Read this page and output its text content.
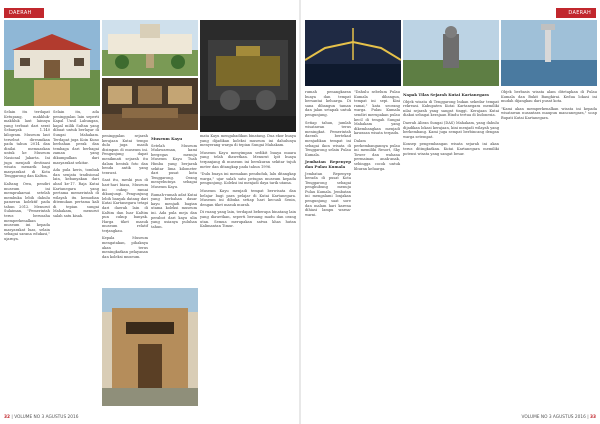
DAERAH

Selain itu terdapat Ketupang, makhluk-makhluk laut lainnya yang terbuat dari serat Sebanyak 1.140 kilogram. Museum laut tersebut diresmikan pada tahun 2014 dan dinilai memuaskan untuk ke Museum Nasional Jakarta. Ini juga menjadi destinasi wisata menarik bagi masyarakat di Kota Tenggarong dan Kaltim.

Kaltang Owa, pendiri museum ini memprakarsai setelah membuka lebih dahulu pameran kolektif pada tahun 2012. Menurut Sulaiman, "Pemerintah terus berusaha memperkenalkan museum ini kepada masyarakat luas, selain sebagai sarana edukasi," ujarnya.

Selain itu, ada peninggalan lain seperti Kapal Unsil Labungan, kapal milik Sultan yang dibuat untuk berlayar di Sungai Mahakam. Terdapat juga Koin Kuno berbahan perak dan tembaga dari berbagai zaman yang dikumpulkan dari masyarakat sekitar.

Ada pula keris, tombak dan senjata tradisional lain, kebanyakan dari abad ke-17. Raja Kutai Kartanegara yang pertama memerintah di wilayah itu kemudian ditemukan pertama kali di tepian sungai Mahakam, menurut salah satu kisah.

peninggalan sejarah kerajaan Kutai tempo dulu juga masih disimpan di museum ini. Pengunjung dapat menikmati sejarah itu dalam bentuk foto dan benda antik yang terawat.

Saat itu, meski pun di hari-hari biasa, Museum ini cukup ramai dikunjungi. Pengunjung lebih banyak datang dari Kutai Kartanegara tetapi dari daerah lain di Kaltim dan luar Kaltim pun cukup banyak. Harga tiket masuk museum relatif terjangkau.

Kepala Museum mengatakan, pihaknya akan terus meningkatkan pelayanan dan koleksi museum.

Museum Kayu

Setelah Museum Mulawarman, kami bergegas menuju Museum Kayu Tuah Himba yang berjarak sekitar lima kilometer dari pusat kota Tenggarong. Orang menyebutnya sebagai Museum Kayu.

Rumah-rumah adat Kutai yang berbahan dasar kayu menjadi bagian utama koleksi museum ini. Ada pula meja dan perabot dari kayu ulin yang usianya puluhan tahun.

mata Kayu mengabadikan binatang. Dua ekor buaya yang dijadikan koleksi museum ini dahulunya menyerang warga di tepian Sungai Mahakam.

Museum Kayu menyimpan sedikit buaya muara yang telah diawetkan. Menurut Ipit buaya terpanjang di museum ini berukuran sekitar tujuh meter dan ditangkap pada tahun 1996.

"Dulu buaya ini memakan penduduk, lalu ditangkap warga," ujar salah satu petugas museum kepada pengunjung. Koleksi ini menjadi daya tarik utama.

Museum Kayu menjadi tempat berwisata dan belajar bagi para pelajar di Kutai Kartanegara. Museum ini dibuka setiap hari kecuali Senin, dengan tiket masuk murah.

Di ruang yang lain, terdapat beberapa binatang lain yang diawetkan, seperti beruang madu dan orang utan. Semua merupakan satwa khas hutan Kalimantan Timur.

32 | VOLUME NO 3 AGUSTUS 2016
DAERAH

rumah penangkaran buaya dan tempat bersantai keluarga. Di sana dibangun taman dan jalan setapak untuk pengunjung.

Setiap tahun, jumlah wisatawan terus meningkat. Pemerintah daerah bertekad menjadikan tempat ini sebagai ikon wisata di Tenggarong selain Pulau Kumala.

Jembatan Repenyep dan Pulau Kumala

Jembatan Repenyep berada di pusat Kota Tenggarong sebagai penghubung menuju Pulau Kumala. Jembatan ini mengalami lonjakan pengunjung saat sore dan malam hari karena dihiasi lampu warna-warni.

"Dahulu sebelum Pulau Kumala dibangun, tempat ini sepi. Kini ramai," kata seorang warga. Pulau Kumala sendiri merupakan pulau kecil di tengah Sungai Mahakam yang dikembangkan menjadi kawasan wisata terpadu.

Dalam perkembangannya pulau ini memiliki Resort, Sky Tower dan wahana permainan anak-anak, sehingga cocok untuk liburan keluarga.

Napak Tilas Sejarah Kutai Kartanegara

Objek wisata di Tenggarong bukan sekedar tempat rekreasi. Kabupaten Kutai Kartanegara memiliki nilai sejarah yang sangat tinggi. Kerajaan Kutai diakui sebagai kerajaan Hindu tertua di Indonesia.

Daerah Aliran Sungai (DAS) Mahakam, yang dahulu dijadikan lokasi kerajaan, kini menjadi wilayah yang berkembang. Kami juga sempat berbincang dengan warga setempat.

Konsep pengembangan wisata sejarah ini akan terus ditingkatkan. Kutai Kartanegara memiliki potensi wisata yang sangat besar.

Objek berbasis wisata alam ditetapkan di Pulau Kumala dan Bukit Bangkirai. Kedua lokasi ini mudah dijangkau dari pusat kota.

"Kami akan memperkenalkan wisata ini kepada wisatawan nusantara maupun mancanegara," ucap Bupati Kutai Kartanegara.

VOLUME NO 3 AGUSTUS 2016 | 33
